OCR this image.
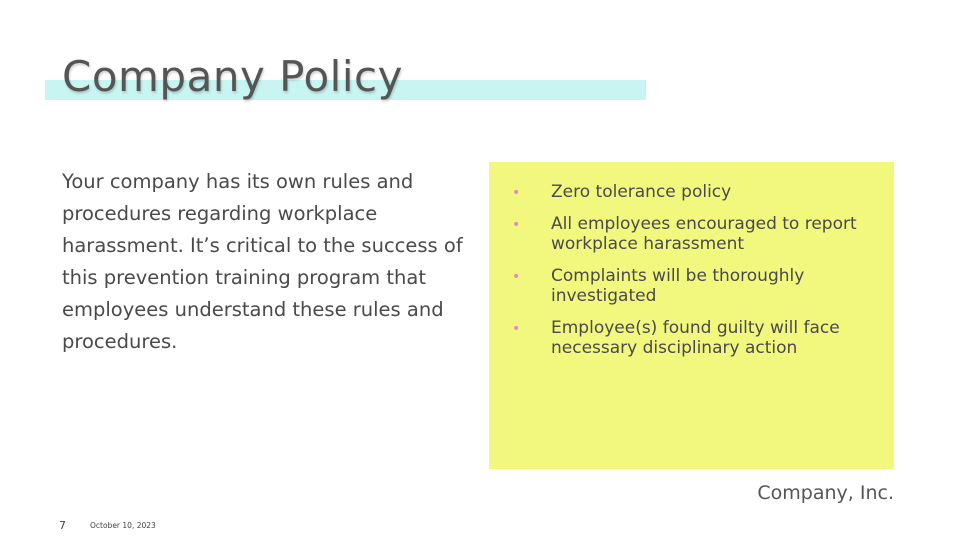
Company Policy
Your company has its own rules and procedures regarding workplace harassment. It’s critical to the success of this prevention training program that employees understand these rules and procedures.
• Zero tolerance policy
• All employees encouraged to report workplace harassment
• Complaints will be thoroughly investigated
• Employee(s) found guilty will face necessary disciplinary action
Company, Inc.
7	October 10, 2023
